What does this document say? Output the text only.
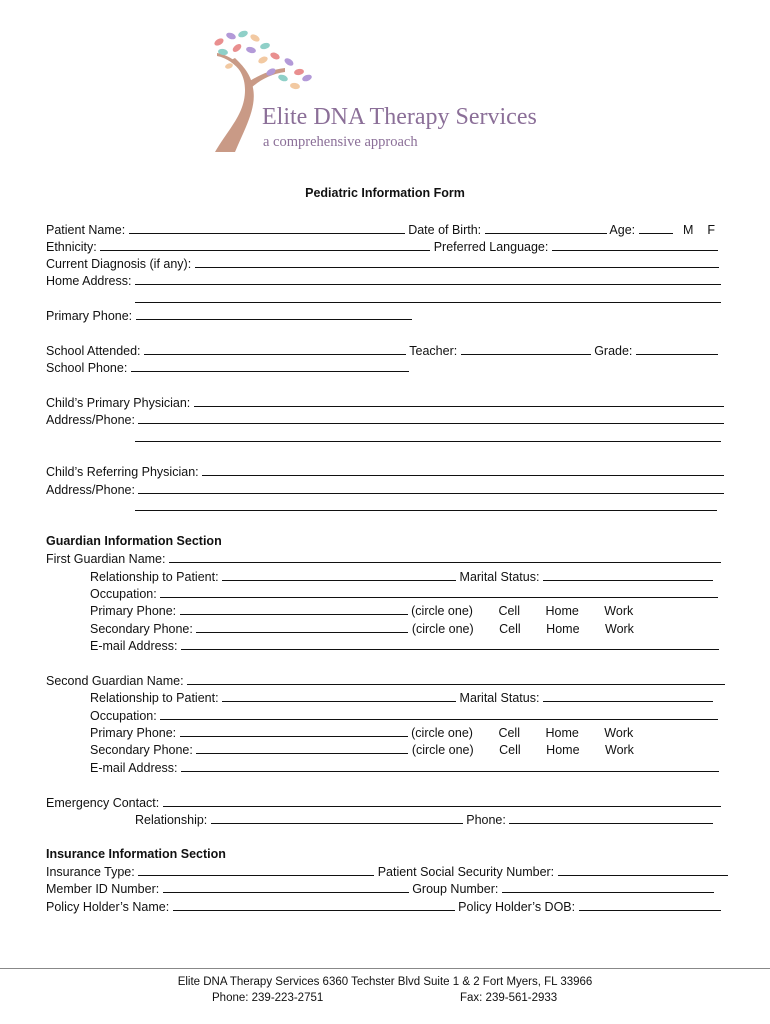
Elite DNA Therapy Services
a comprehensive approach
Pediatric Information Form
Patient Name:	Date of Birth:	Age:	M F
Ethnicity:	Preferred Language:
Current Diagnosis (if any):
Home Address:
Primary Phone:
School Attended:	Teacher:	Grade:
School Phone:
Child’s Primary Physician:
Address/Phone:
Child’s Referring Physician:
Address/Phone:
Guardian Information Section
First Guardian Name:
Relationship to Patient:	Marital Status:
Occupation:
Primary Phone:	(circle one) Cell Home Work
Secondary Phone:	(circle one) Cell Home Work
E-mail Address:
Second Guardian Name:
Relationship to Patient:	Marital Status:
Occupation:
Primary Phone:	(circle one) Cell Home Work
Secondary Phone:	(circle one) Cell Home Work
E-mail Address:
Emergency Contact:
Relationship:	Phone:
Insurance Information Section
Insurance Type:	Patient Social Security Number:
Member ID Number:	Group Number:
Policy Holder’s Name:	Policy Holder’s DOB:
Elite DNA Therapy Services 6360 Techster Blvd Suite 1 & 2 Fort Myers, FL 33966
Phone: 239-223-2751	Fax: 239-561-2933
